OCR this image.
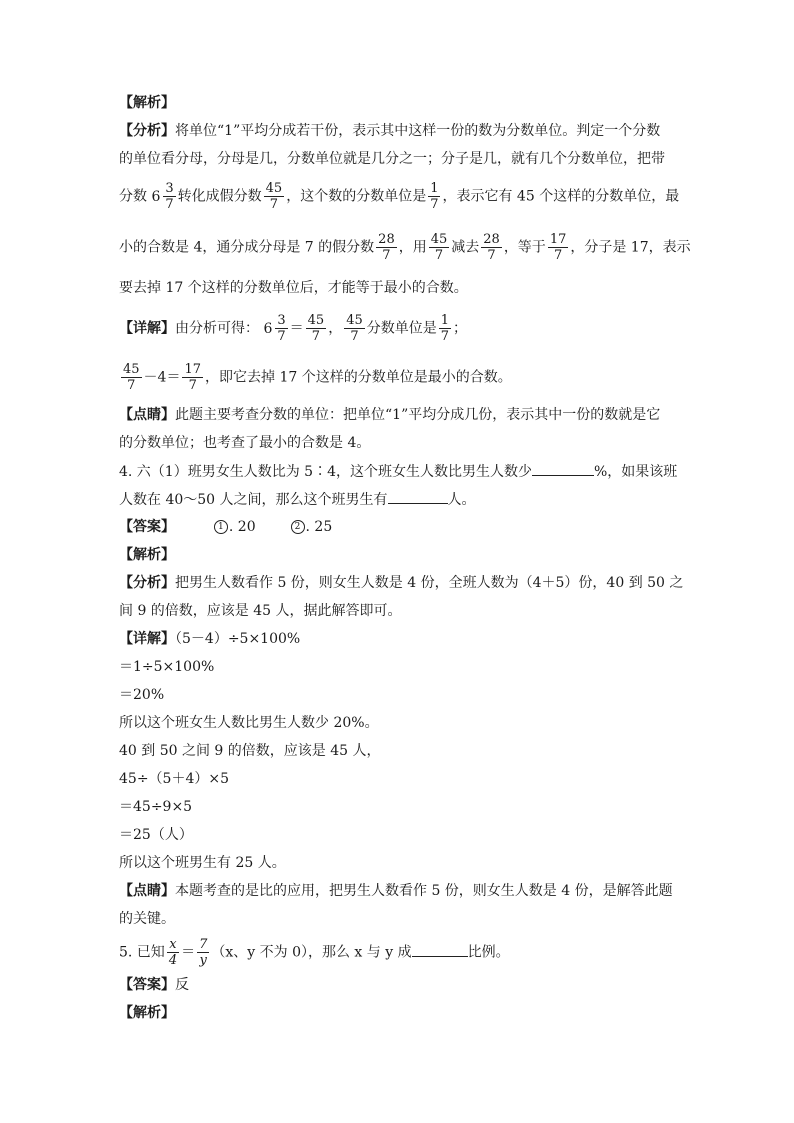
【解析】
【分析】将单位“1”平均分成若干份，表示其中这样一份的数为分数单位。判定一个分数
的单位看分母，分母是几，分数单位就是几分之一；分子是几，就有几个分数单位，把带
分数 $6 \frac{3}{7}$ 转化成假分数 $\frac{45}{7}$ ，这个数的分数单位是 $\frac{1}{7}$ ，表示它有 45 个这样的分数单位，最
小的合数是 4，通分成分母是 7 的假分数 $\frac{28}{7}$ ，用 $\frac{45}{7}$ 减去 $\frac{28}{7}$ ，等于 $\frac{17}{7}$ ，分子是 17，表示
要去掉 17 个这样的分数单位后，才能等于最小的合数。
【详解】由分析可得： $6 \frac{3}{7} = \frac{45}{7}$ ， $\frac{45}{7}$ 分数单位是 $\frac{1}{7}$ ；
$\frac{45}{7} -4= \frac{17}{7}$ ，即它去掉 17 个这样的分数单位是最小的合数。
【点睛】此题主要考查分数的单位：把单位“1”平均分成几份，表示其中一份的数就是它
的分数单位；也考查了最小的合数是 4。
4. 六（1）班男女生人数比为 5∶4，这个班女生人数比男生人数少	%，如果该班
人数在 40～50 人之间，那么这个班男生有	人。
【答案】	1 . 20	2 . 25
【解析】
【分析】把男生人数看作 5 份，则女生人数是 4 份，全班人数为（4＋5）份，40 到 50 之
间 9 的倍数，应该是 45 人，据此解答即可。
【详解】（5－4）÷5×100%
＝1÷5×100%
＝20%
所以这个班女生人数比男生人数少 20%。
40 到 50 之间 9 的倍数，应该是 45 人，
45÷（5＋4）×5
＝45÷9×5
＝25（人）
所以这个班男生有 25 人。
【点睛】本题考查的是比的应用，把男生人数看作 5 份，则女生人数是 4 份，是解答此题
的关键。
5. 已知 $\frac{x}{4} = \frac{7}{y} (x$、y 不为 0），那么 x 与 y 成	比例。
【答案】反
【解析】
